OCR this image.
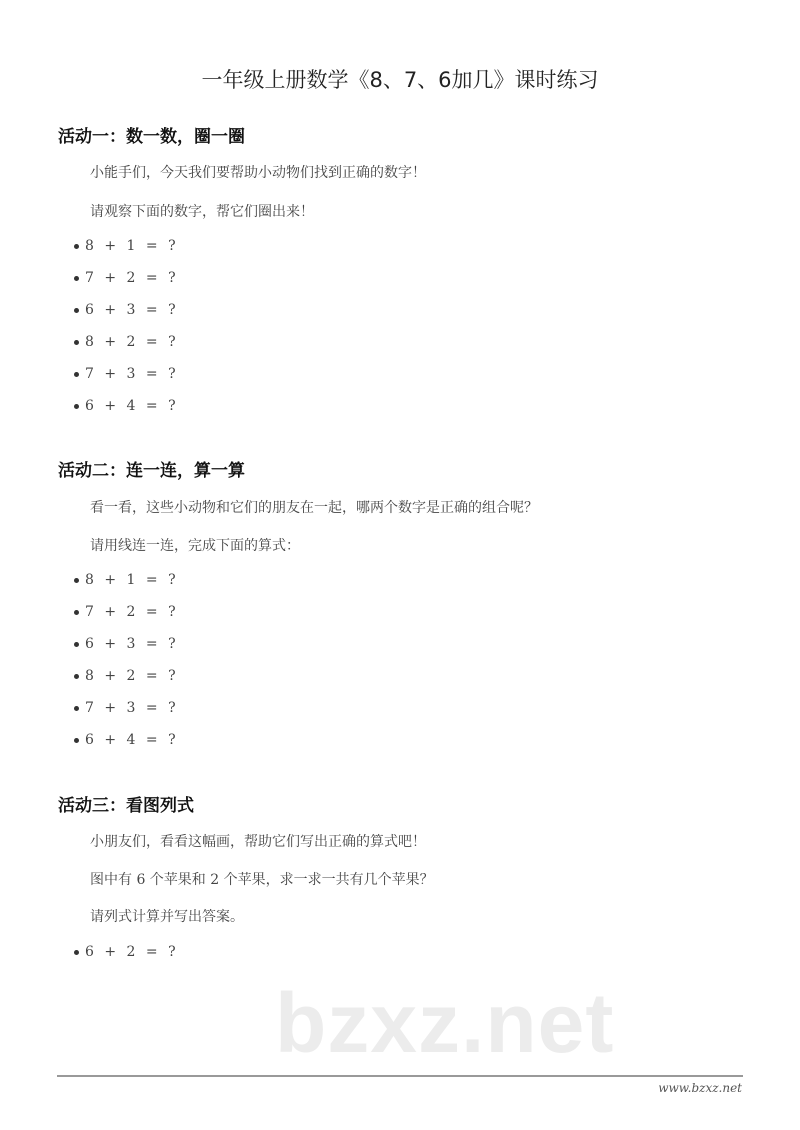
一年级上册数学《8、7、6加几》课时练习
活动一：数一数，圈一圈
小能手们，今天我们要帮助小动物们找到正确的数字！
请观察下面的数字，帮它们圈出来！
8 + 1 = ?
7 + 2 = ?
6 + 3 = ?
8 + 2 = ?
7 + 3 = ?
6 + 4 = ?
活动二：连一连，算一算
看一看，这些小动物和它们的朋友在一起，哪两个数字是正确的组合呢？
请用线连一连，完成下面的算式：
8 + 1 = ?
7 + 2 = ?
6 + 3 = ?
8 + 2 = ?
7 + 3 = ?
6 + 4 = ?
活动三：看图列式
小朋友们，看看这幅画，帮助它们写出正确的算式吧！
图中有 6 个苹果和 2 个苹果，求一求一共有几个苹果？
请列式计算并写出答案。
6 + 2 = ?
bzxz.net
www.bzxz.net
